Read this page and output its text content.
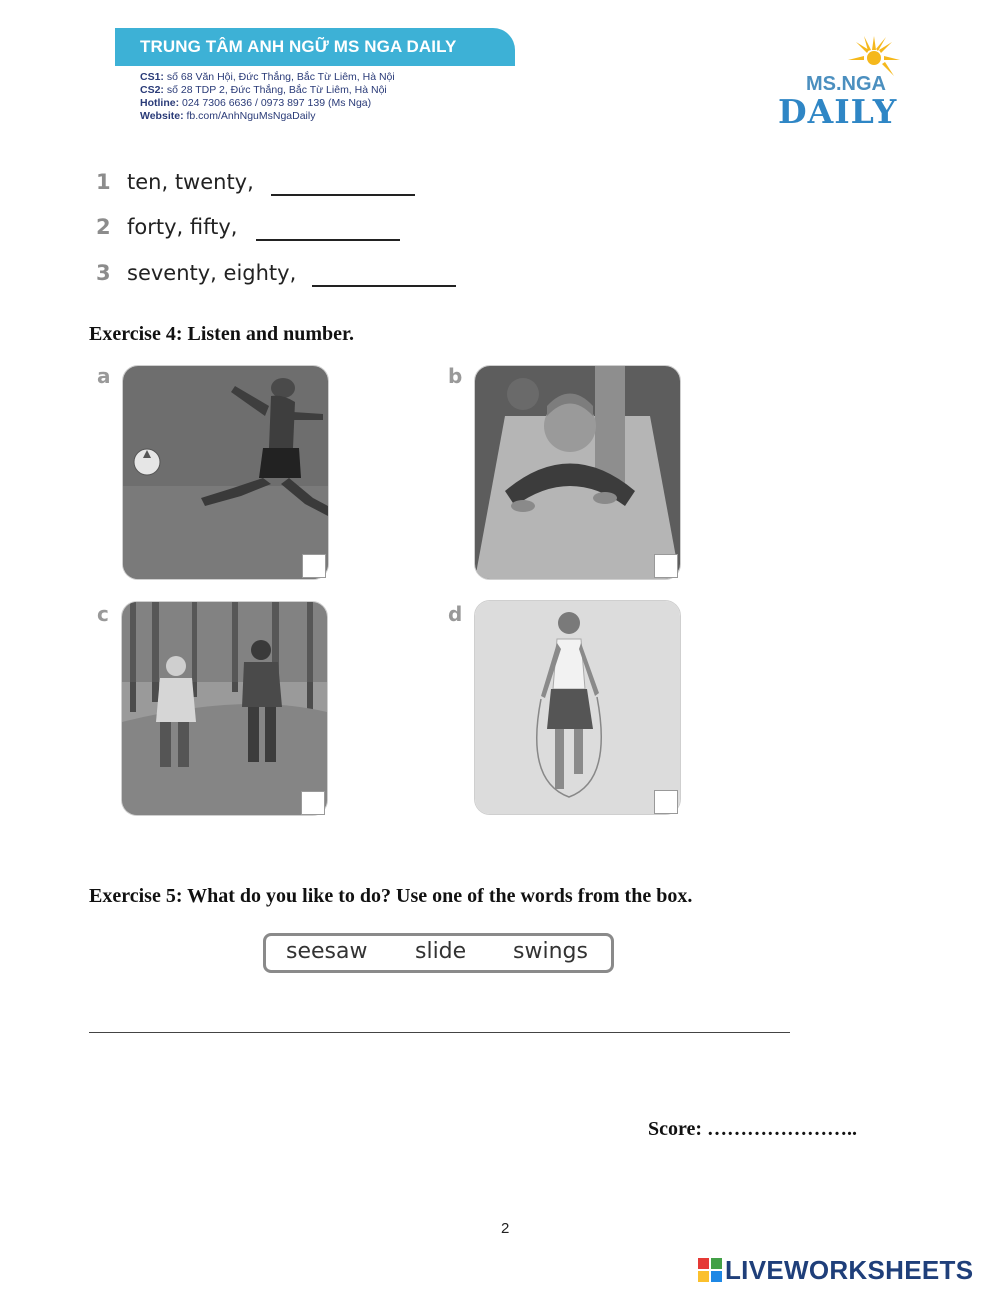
TRUNG TÂM ANH NGỮ MS NGA DAILY
CS1: số 68 Văn Hội, Đức Thắng, Bắc Từ Liêm, Hà Nội
CS2: số 28 TDP 2, Đức Thắng, Bắc Từ Liêm, Hà Nội
Hotline: 024 7306 6636 / 0973 897 139 (Ms Nga)
Website: fb.com/AnhNguMsNgaDaily
MS.NGA
DAILY
1 ten, twenty,
2 forty, fifty,
3 seventy, eighty,
Exercise 4: Listen and number.
a	b
c	d
Exercise 5: What do you like to do? Use one of the words from the box.
seesaw slide swings
Score: …………………..
2
LIVEWORKSHEETS
